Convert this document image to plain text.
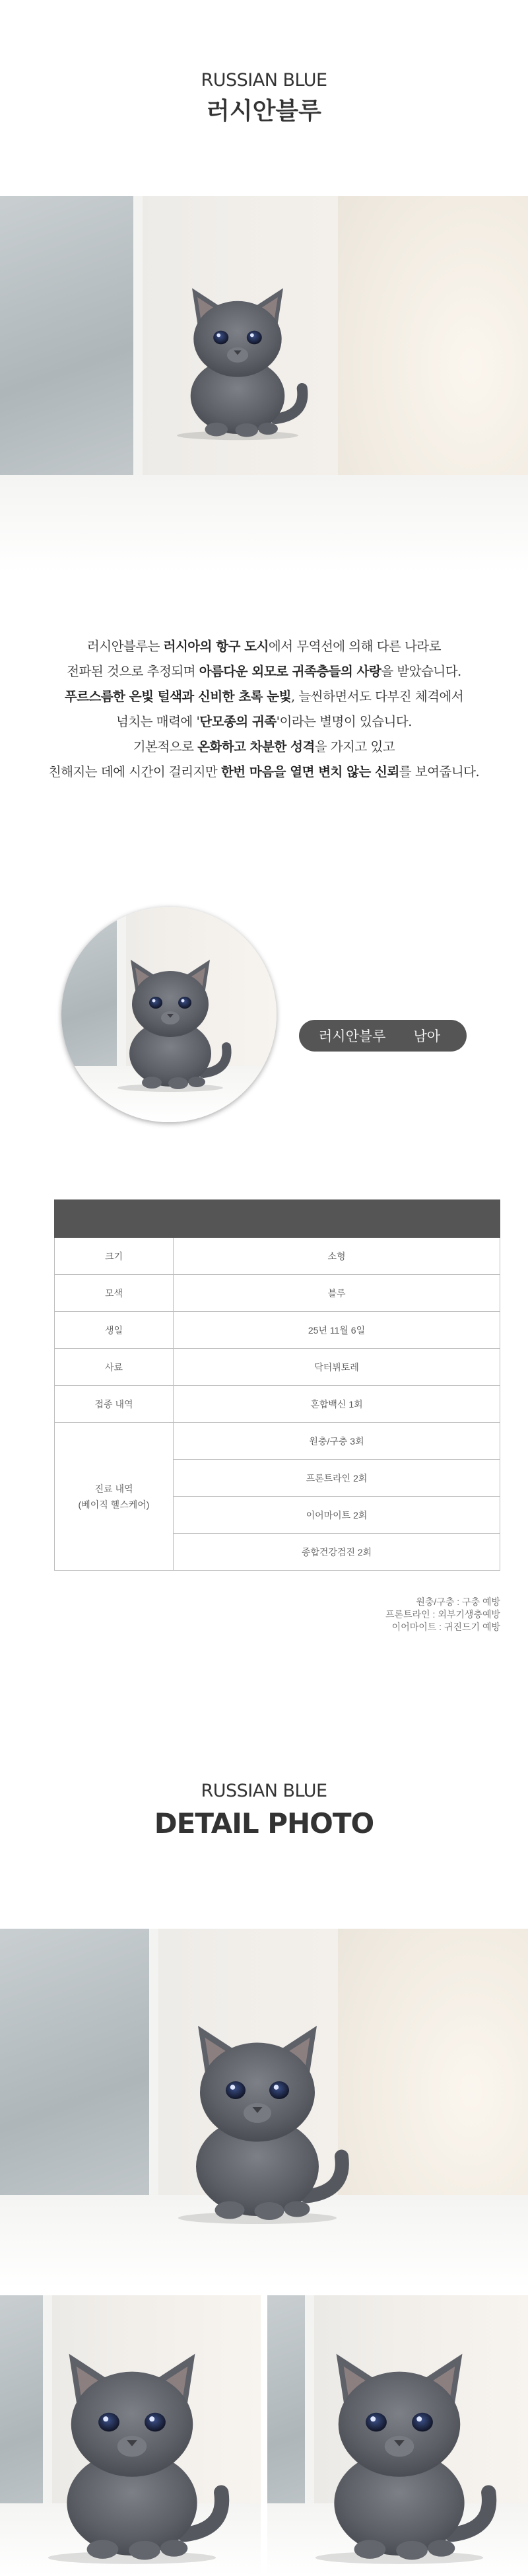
RUSSIAN BLUE
러시안블루

러시안블루는 러시아의 항구 도시에서 무역선에 의해 다른 나라로

전파된 것으로 추정되며 아름다운 외모로 귀족층들의 사랑을 받았습니다.

푸르스름한 은빛 털색과 신비한 초록 눈빛, 늘씬하면서도 다부진 체격에서

넘치는 매력에 '단모종의 귀족'이라는 별명이 있습니다.

기본적으로 온화하고 차분한 성격을 가지고 있고

친해지는 데에 시간이 걸리지만 한번 마음을 열면 변치 않는 신뢰를 보여줍니다.

러시안블루 남아

크기	소형
모색	블루
생일	25년 11월 6일
사료	닥터뷔토레
접종 내역	혼합백신 1회

진료 내역
(베이직 헬스케어)	원충/구충 3회
	프론트라인 2회
	이어마이트 2회
	종합건강검진 2회
원충/구충 : 구충 예방
프론트라인 : 외부기생충예방
이어마이트 : 귀진드기 예방
RUSSIAN BLUE
DETAIL PHOTO
